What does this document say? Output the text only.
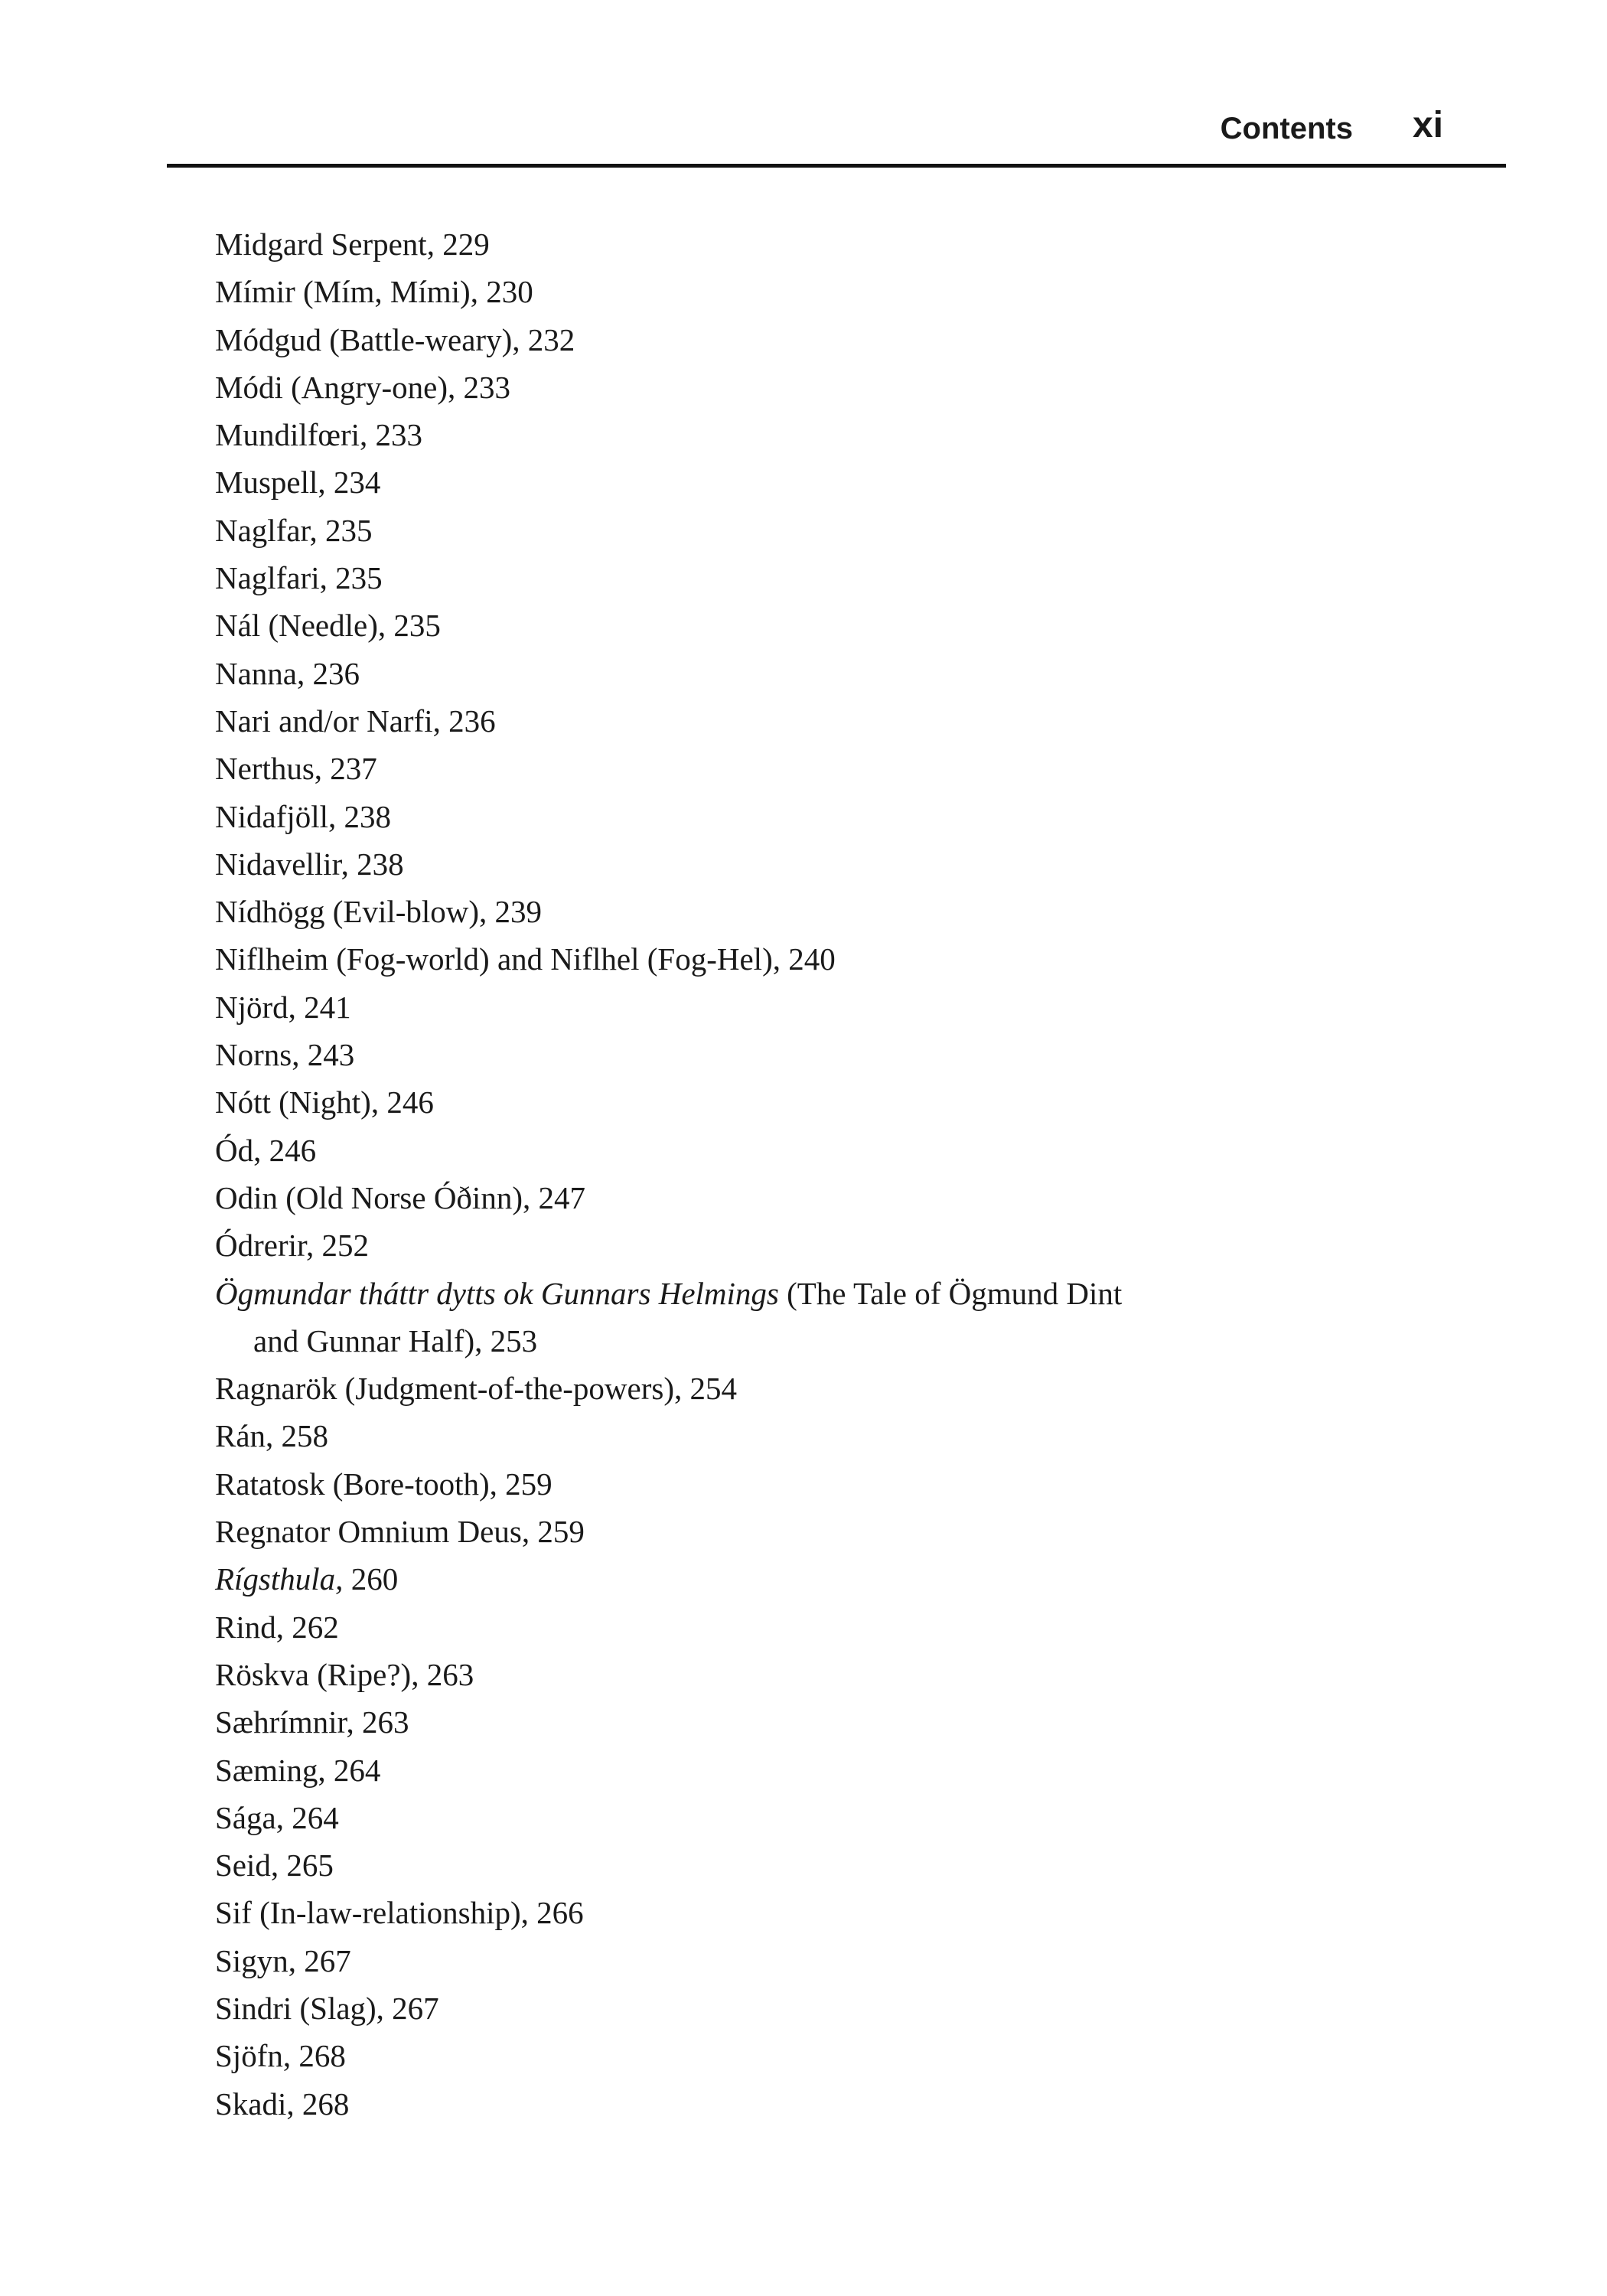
Contents xi
Midgard Serpent, 229
Mímir (Mím, Mími), 230
Módgud (Battle-weary), 232
Módi (Angry-one), 233
Mundilfœri, 233
Muspell, 234
Naglfar, 235
Naglfari, 235
Nál (Needle), 235
Nanna, 236
Nari and/or Narfi, 236
Nerthus, 237
Nidafjöll, 238
Nidavellir, 238
Nídhögg (Evil-blow), 239
Niflheim (Fog-world) and Niflhel (Fog-Hel), 240
Njörd, 241
Norns, 243
Nótt (Night), 246
Ód, 246
Odin (Old Norse Óðinn), 247
Ódrerir, 252
Ögmundar tháttr dytts ok Gunnars Helmings (The Tale of Ögmund Dint
and Gunnar Half), 253
Ragnarök (Judgment-of-the-powers), 254
Rán, 258
Ratatosk (Bore-tooth), 259
Regnator Omnium Deus, 259
Rígsthula, 260
Rind, 262
Röskva (Ripe?), 263
Sæhrímnir, 263
Sæming, 264
Sága, 264
Seid, 265
Sif (In-law-relationship), 266
Sigyn, 267
Sindri (Slag), 267
Sjöfn, 268
Skadi, 268
